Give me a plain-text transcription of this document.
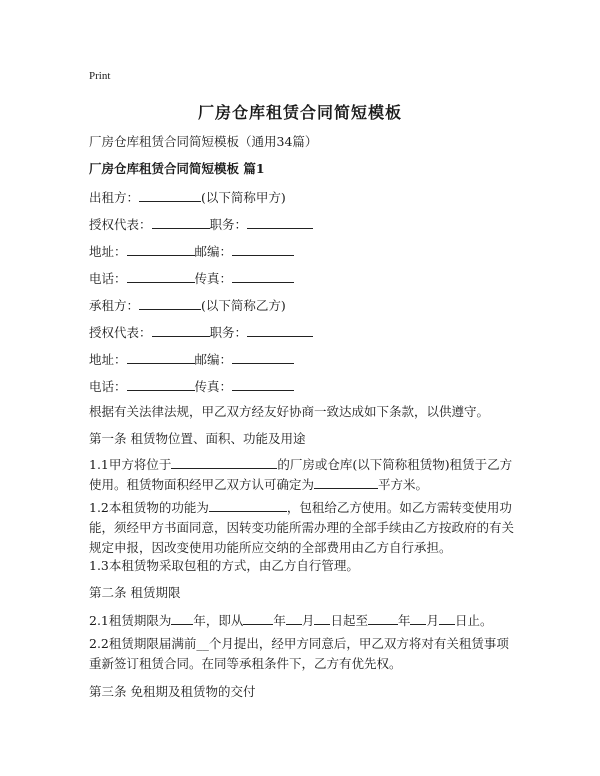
Print
厂房仓库租赁合同简短模板
厂房仓库租赁合同简短模板（通用34篇）
厂房仓库租赁合同简短模板 篇1
出租方：	(以下简称甲方)
授权代表：	职务：
地址：	邮编：
电话：	传真：
承租方：	(以下简称乙方)
授权代表：	职务：
地址：	邮编：
电话：	传真：
根据有关法律法规，甲乙双方经友好协商一致达成如下条款，以供遵守。
第一条 租赁物位置、面积、功能及用途
1.1甲方将位于	的厂房或仓库(以下简称租赁物)租赁于乙方使用。租赁物面积经甲乙双方认可确定为	平方米。
1.2本租赁物的功能为	，包租给乙方使用。如乙方需转变使用功能，须经甲方书面同意，因转变功能所需办理的全部手续由乙方按政府的有关规定申报，因改变使用功能所应交纳的全部费用由乙方自行承担。
1.3本租赁物采取包租的方式，由乙方自行管理。
第二条 租赁期限
2.1租赁期限为 年，即从 年 月 日起至 年 月 日止。
2.2租赁期限届满前__个月提出，经甲方同意后，甲乙双方将对有关租赁事项重新签订租赁合同。在同等承租条件下，乙方有优先权。
第三条 免租期及租赁物的交付
